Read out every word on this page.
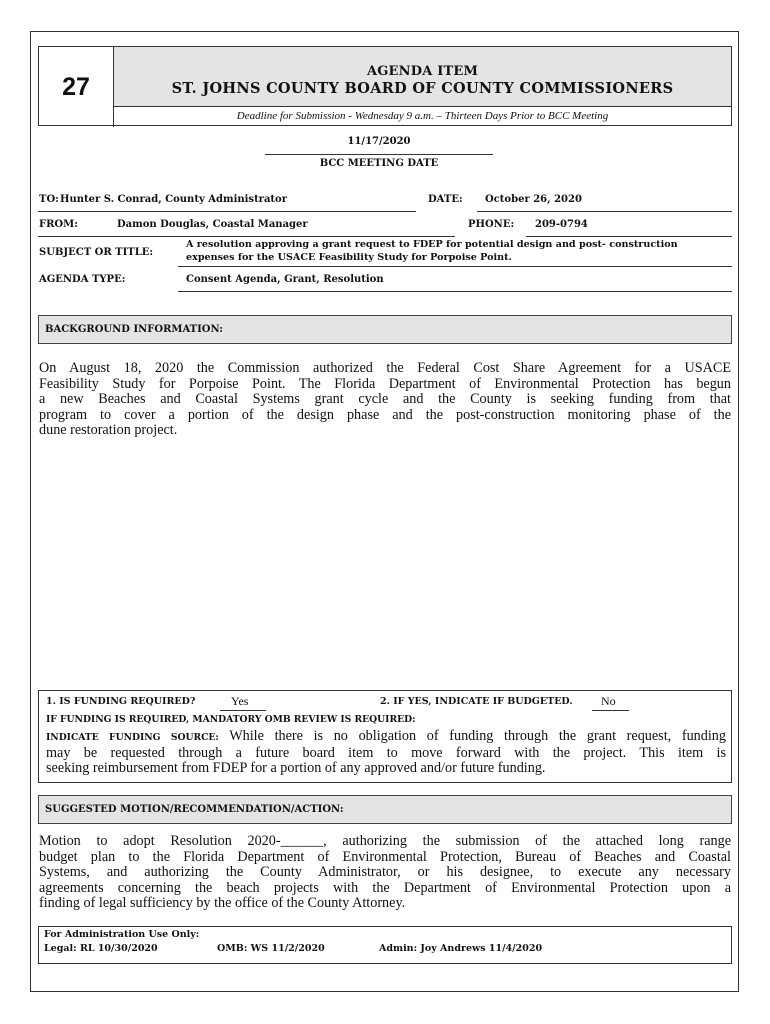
27
AGENDA ITEM
ST. JOHNS COUNTY BOARD OF COUNTY COMMISSIONERS
Deadline for Submission - Wednesday 9 a.m. – Thirteen Days Prior to BCC Meeting
11/17/2020
BCC MEETING DATE
TO: Hunter S. Conrad, County Administrator	DATE: October 26, 2020
FROM:	Damon Douglas, Coastal Manager	PHONE: 209-0794
SUBJECT OR TITLE:
A resolution approving a grant request to FDEP for potential design and post- construction
expenses for the USACE Feasibility Study for Porpoise Point.
AGENDA TYPE:	Consent Agenda, Grant, Resolution
BACKGROUND INFORMATION:
On August 18, 2020 the Commission authorized the Federal Cost Share Agreement for a USACE
Feasibility Study for Porpoise Point. The Florida Department of Environmental Protection has begun
a new Beaches and Coastal Systems grant cycle and the County is seeking funding from that
program to cover a portion of the design phase and the post-construction monitoring phase of the
dune restoration project.
1. IS FUNDING REQUIRED?	Yes	2. IF YES, INDICATE IF BUDGETED. No
IF FUNDING IS REQUIRED, MANDATORY OMB REVIEW IS REQUIRED:
INDICATE FUNDING SOURCE: While there is no obligation of funding through the grant request, funding
may be requested through a future board item to move forward with the project. This item is
seeking reimbursement from FDEP for a portion of any approved and/or future funding.
SUGGESTED MOTION/RECOMMENDATION/ACTION:
Motion to adopt Resolution 2020-______, authorizing the submission of the attached long range
budget plan to the Florida Department of Environmental Protection, Bureau of Beaches and Coastal
Systems, and authorizing the County Administrator, or his designee, to execute any necessary
agreements concerning the beach projects with the Department of Environmental Protection upon a
finding of legal sufficiency by the office of the County Attorney.
For Administration Use Only:
Legal: RL 10/30/2020	OMB: WS 11/2/2020	Admin: Joy Andrews 11/4/2020
